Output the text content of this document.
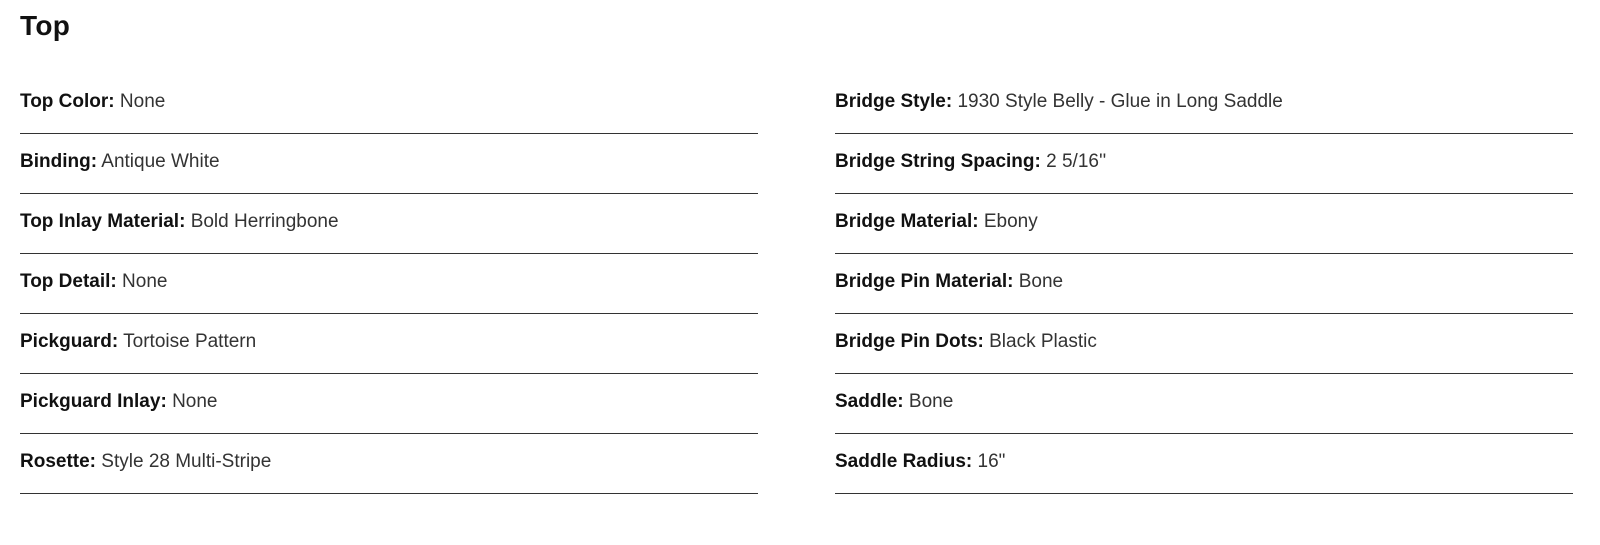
Top
Top Color: None
Binding: Antique White
Top Inlay Material: Bold Herringbone
Top Detail: None
Pickguard: Tortoise Pattern
Pickguard Inlay: None
Rosette: Style 28 Multi-Stripe
Bridge Style: 1930 Style Belly - Glue in Long Saddle
Bridge String Spacing: 2 5/16''
Bridge Material: Ebony
Bridge Pin Material: Bone
Bridge Pin Dots: Black Plastic
Saddle: Bone
Saddle Radius: 16"
